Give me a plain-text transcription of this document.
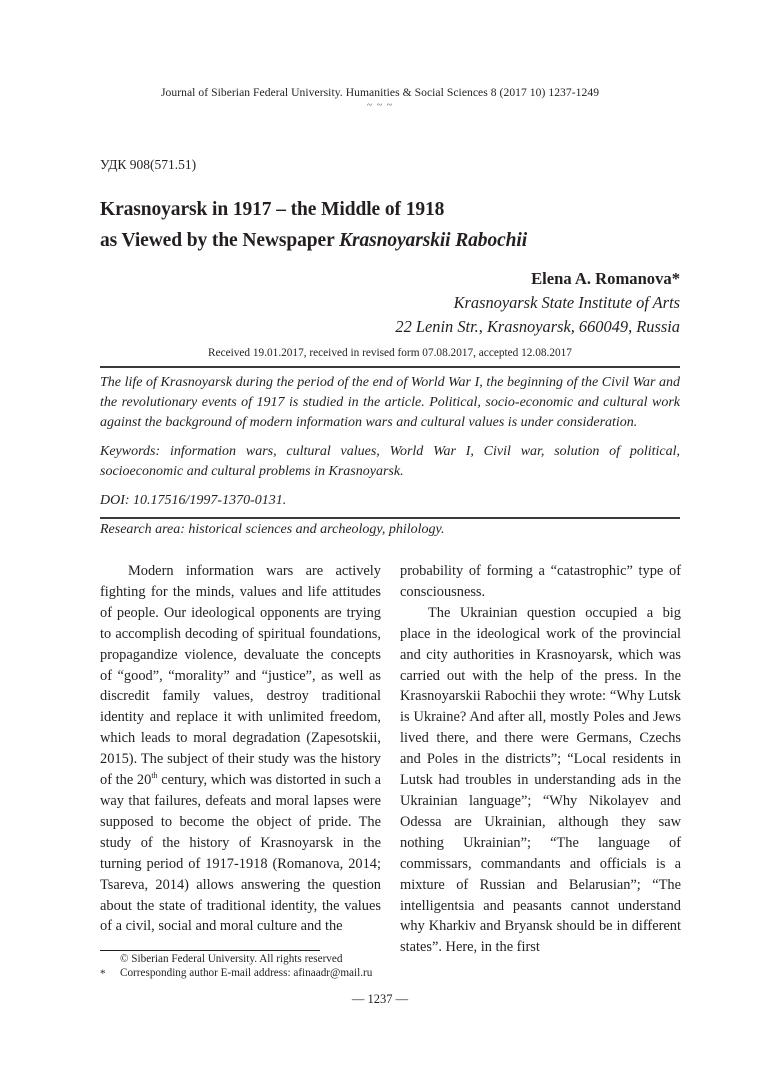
Journal of Siberian Federal University. Humanities & Social Sciences 8 (2017 10) 1237-1249
~ ~ ~
УДК 908(571.51)
Krasnoyarsk in 1917 – the Middle of 1918
as Viewed by the Newspaper Krasnoyarskii Rabochii
Elena A. Romanova*
Krasnoyarsk State Institute of Arts
22 Lenin Str., Krasnoyarsk, 660049, Russia
Received 19.01.2017, received in revised form 07.08.2017, accepted 12.08.2017

The life of Krasnoyarsk during the period of the end of World War I, the beginning of the Civil War and the revolutionary events of 1917 is studied in the article. Political, socio-economic and cultural work against the background of modern information wars and cultural values is under consideration.

Keywords: information wars, cultural values, World War I, Civil war, solution of political, socioeconomic and cultural problems in Krasnoyarsk.

DOI: 10.17516/1997-1370-0131.

Research area: historical sciences and archeology, philology.

Modern information wars are actively fighting for the minds, values and life attitudes of people. Our ideological opponents are trying to accomplish decoding of spiritual foundations, propagandize violence, devaluate the concepts of “good”, “morality” and “justice”, as well as discredit family values, destroy traditional identity and replace it with unlimited freedom, which leads to moral degradation (Zapesotskii, 2015). The subject of their study was the history of the 20th century, which was distorted in such a way that failures, defeats and moral lapses were supposed to become the object of pride. The study of the history of Krasnoyarsk in the turning period of 1917-1918 (Romanova, 2014; Tsareva, 2014) allows answering the question about the state of traditional identity, the values of a civil, social and moral culture and the

probability of forming a “catastrophic” type of consciousness.

The Ukrainian question occupied a big place in the ideological work of the provincial and city authorities in Krasnoyarsk, which was carried out with the help of the press. In the Krasnoyarskii Rabochii they wrote: “Why Lutsk is Ukraine? And after all, mostly Poles and Jews lived there, and there were Germans, Czechs and Poles in the districts”; “Local residents in Lutsk had troubles in understanding ads in the Ukrainian language”; “Why Nikolayev and Odessa are Ukrainian, although they saw nothing Ukrainian”; “The language of commissars, commandants and officials is a mixture of Russian and Belarusian”; “The intelligentsia and peasants cannot understand why Kharkiv and Bryansk should be in different states”. Here, in the first

© Siberian Federal University. All rights reserved
* Corresponding author E-mail address: afinaadr@mail.ru
— 1237 —
